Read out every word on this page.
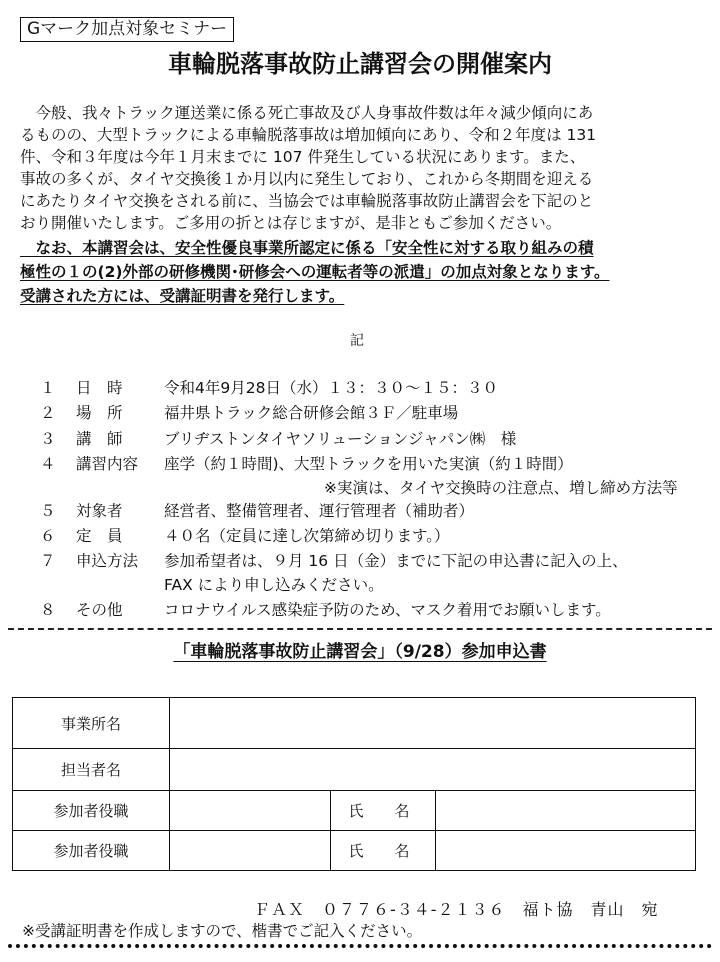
Gマーク加点対象セミナー
車輪脱落事故防止講習会の開催案内
　今般、我々トラック運送業に係る死亡事故及び人身事故件数は年々減少傾向にあ
るものの、大型トラックによる車輪脱落事故は増加傾向にあり、令和２年度は 131
件、令和３年度は今年１月末までに 107 件発生している状況にあります。また、
事故の多くが、タイヤ交換後１か月以内に発生しており、これから冬期間を迎える
にあたりタイヤ交換をされる前に、当協会では車輪脱落事故防止講習会を下記のと
おり開催いたします。ご多用の折とは存じますが、是非ともご参加ください。
　なお、本講習会は、安全性優良事業所認定に係る「安全性に対する取り組みの積
極性の１の(2)外部の研修機関･研修会への運転者等の派遣」の加点対象となります。
受講された方には、受講証明書を発行します。
記
１ 日　時	令和4年9月28日（水）１３：３０～１５：３０
２ 場　所	福井県トラック総合研修会館３Ｆ／駐車場
３ 講　師	ブリヂストンタイヤソリューションジャパン㈱　様
４ 講習内容 座学（約１時間)、大型トラックを用いた実演（約１時間）
※実演は、タイヤ交換時の注意点、増し締め方法等
５ 対象者	経営者、整備管理者、運行管理者（補助者）
６ 定　員	４０名（定員に達し次第締め切ります。）
７ 申込方法 参加希望者は、９月 16 日（金）までに下記の申込書に記入の上、
FAX により申し込みください。
８ その他	コロナウイルス感染症予防のため、マスク着用でお願いします。
「車輪脱落事故防止講習会」（9/28）参加申込書
事業所名			
担当者名			
参加者役職		氏　名	
参加者役職		氏　名	
ＦＡＸ　０７７６-３４-２１３６　福ト協　青山　宛
※受講証明書を作成しますので、楷書でご記入ください。
